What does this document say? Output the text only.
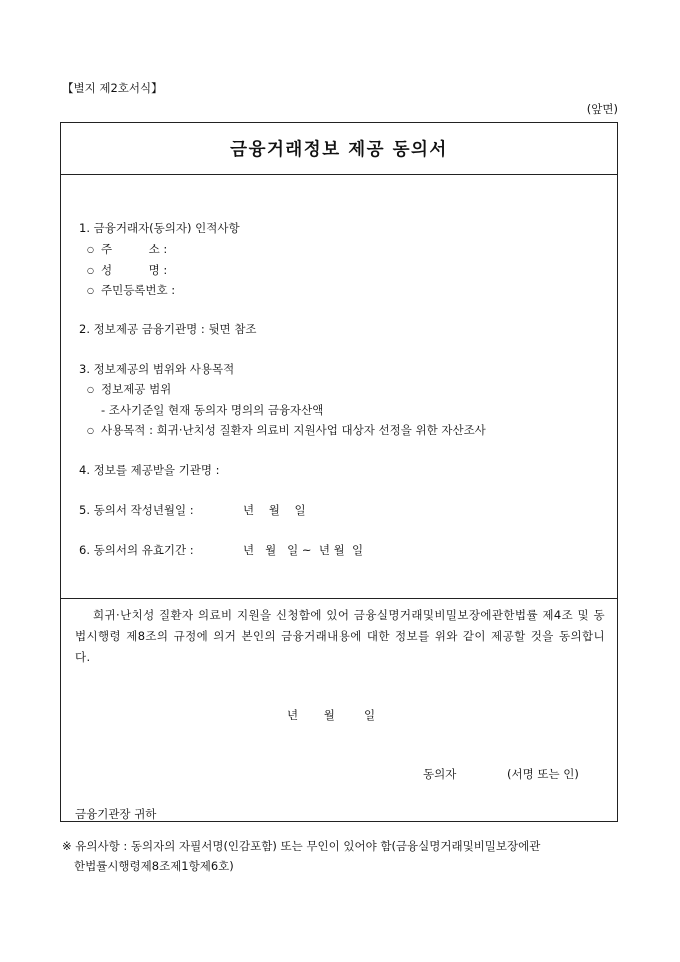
【별지 제2호서식】
(앞면)
금융거래정보 제공 동의서
1. 금융거래자(동의자) 인적사항
○ 주          소 :
○ 성          명 :
○ 주민등록번호 :
2. 정보제공 금융기관명 : 뒷면 참조
3. 정보제공의 범위와 사용목적
○ 정보제공 범위
- 조사기준일 현재 동의자 명의의 금융자산액
○ 사용목적 : 희귀·난치성 질환자 의료비 지원사업 대상자 선정을 위한 자산조사
4. 정보를 제공받을 기관명 :
5. 동의서 작성년월일 :	년    월    일
6. 동의서의 유효기간 :	년   월   일 ~  년 월  일
희귀·난치성 질환자 의료비 지원을 신청함에 있어 금융실명거래및비밀보장에관한법률 제4조 및 동법시행령 제8조의 규정에 의거 본인의 금융거래내용에 대한 정보를 위와 같이 제공할 것을 동의합니다.
년       월        일
동의자	(서명 또는 인)
금융기관장 귀하
※ 유의사항 : 동의자의 자필서명(인감포함) 또는 무인이 있어야 함(금융실명거래및비밀보장에관
한법률시행령제8조제1항제6호)
